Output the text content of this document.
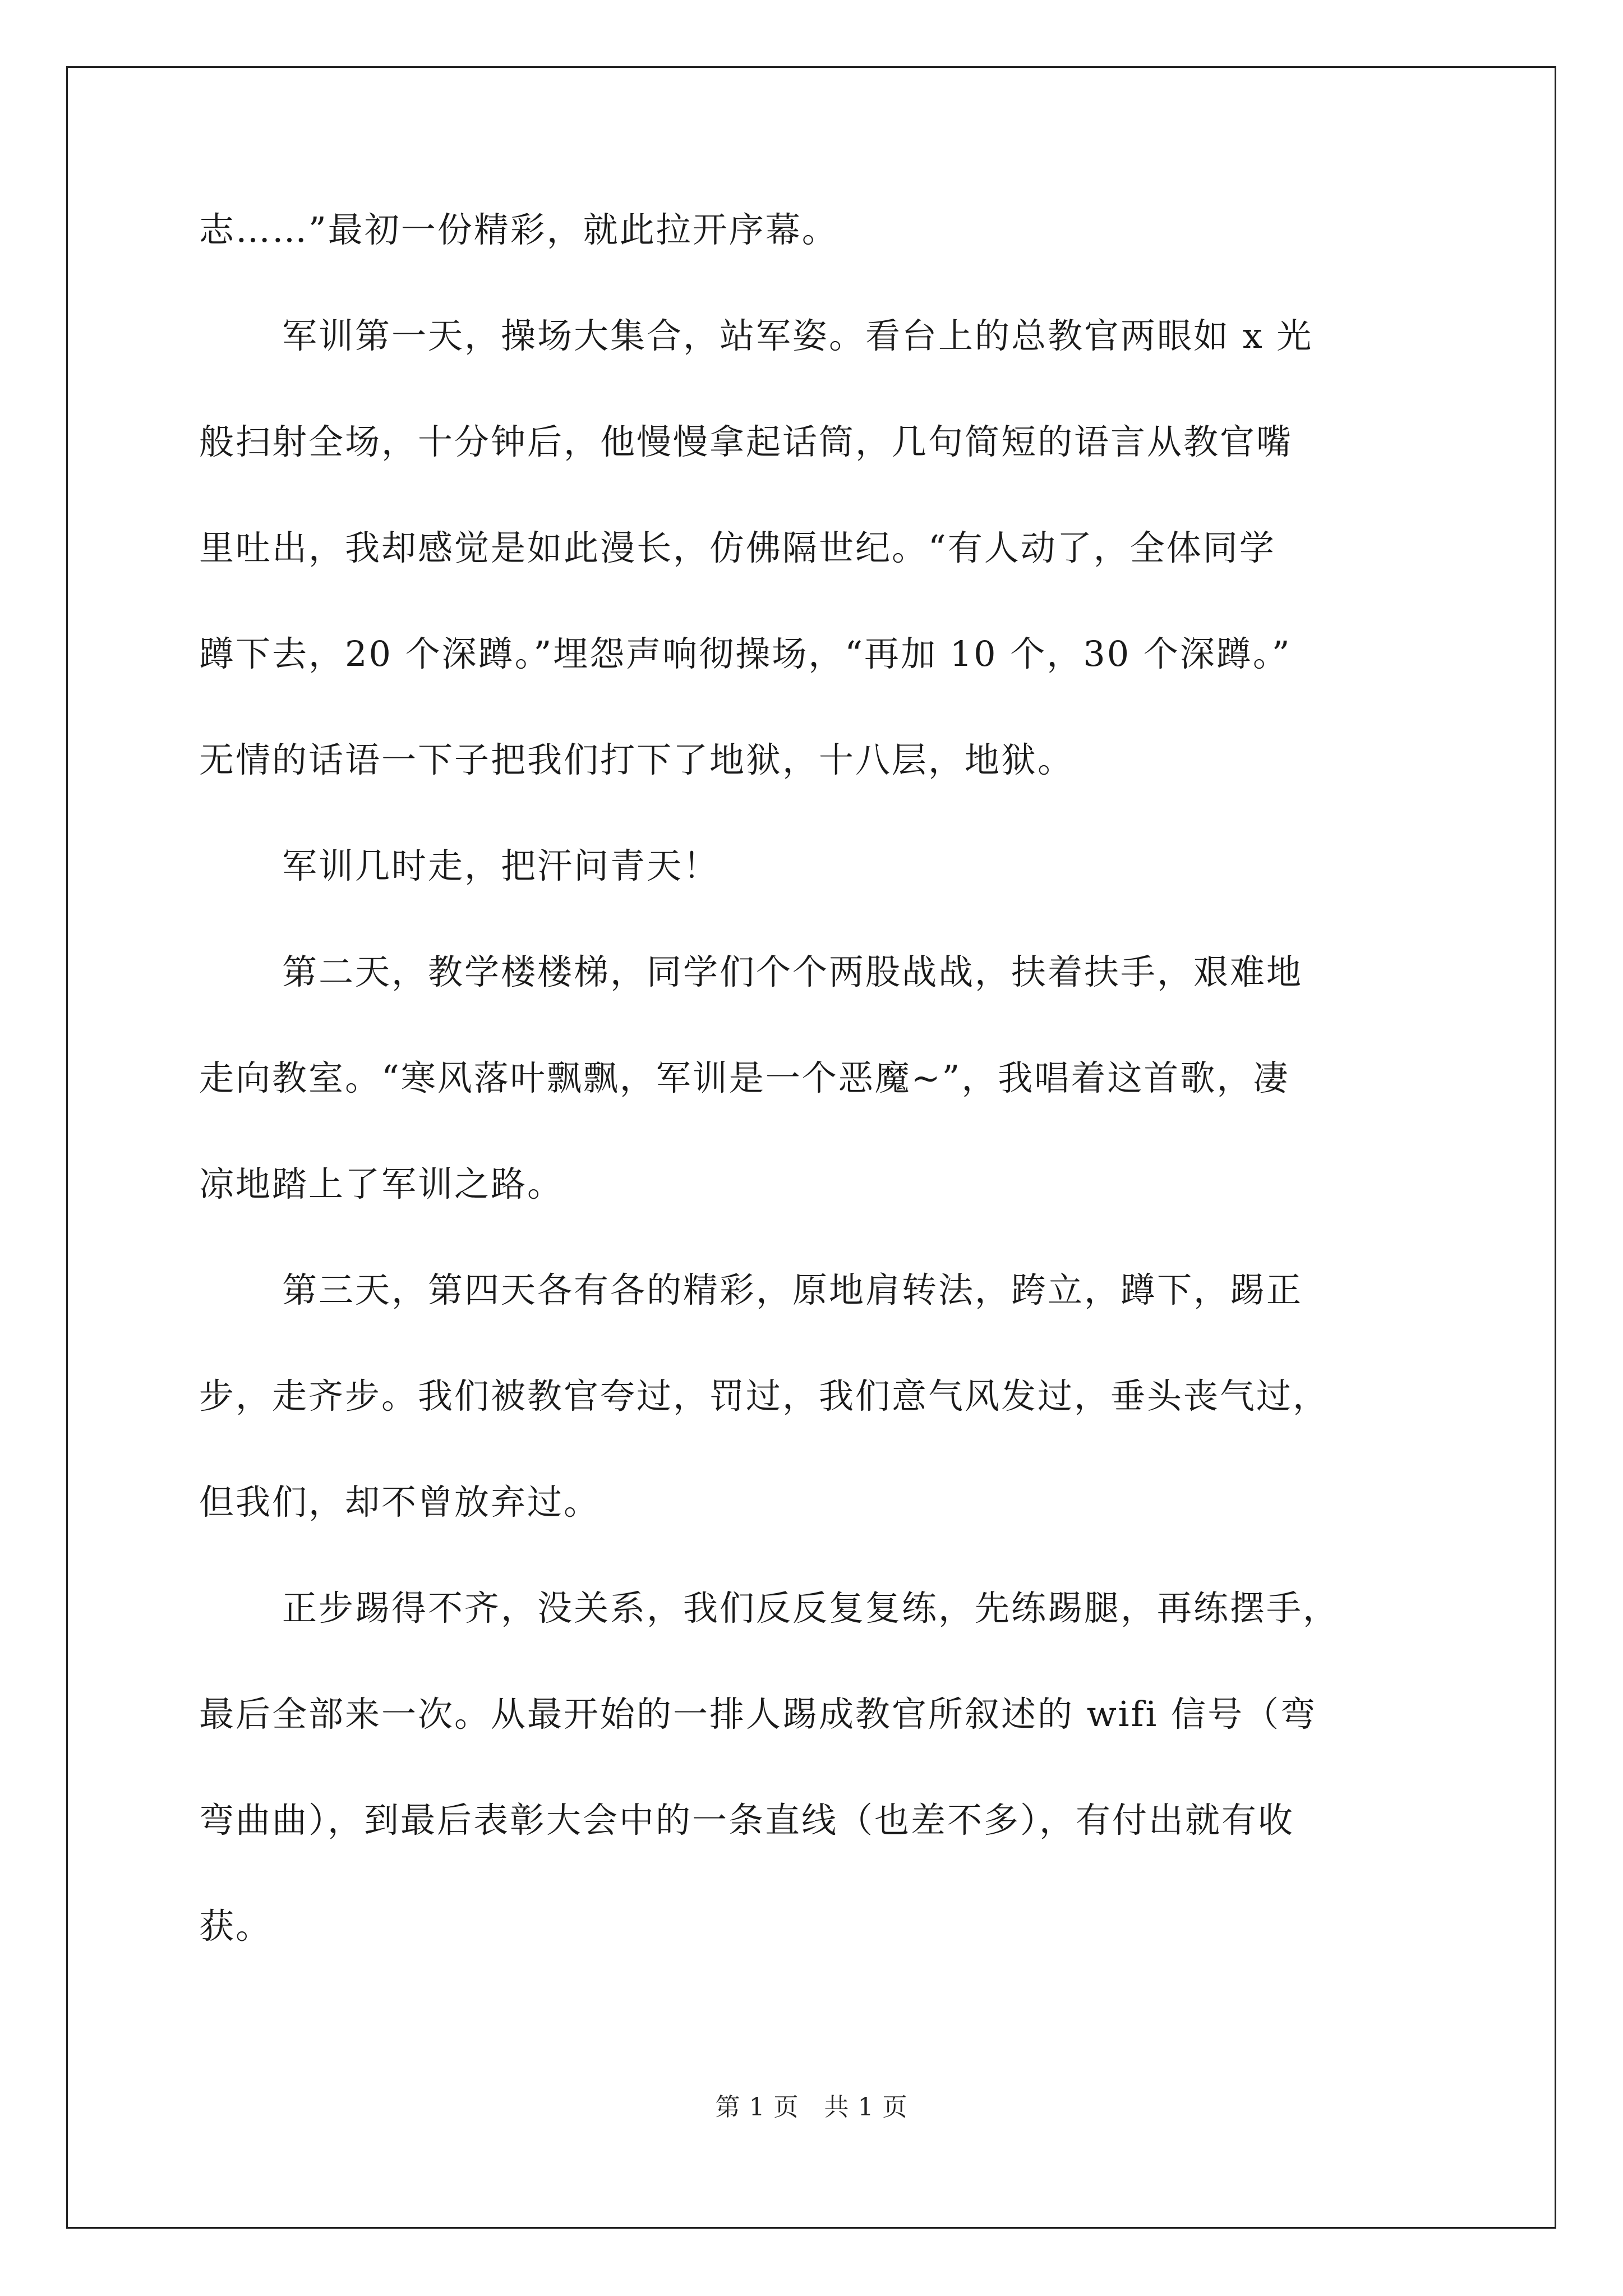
志……”最初一份精彩，就此拉开序幕。
军训第一天，操场大集合，站军姿。看台上的总教官两眼如 x 光
般扫射全场，十分钟后，他慢慢拿起话筒，几句简短的语言从教官嘴
里吐出，我却感觉是如此漫长，仿佛隔世纪。“有人动了，全体同学
蹲下去，20 个深蹲。”埋怨声响彻操场，“再加 10 个，30 个深蹲。”
无情的话语一下子把我们打下了地狱，十八层，地狱。
军训几时走，把汗问青天！
第二天，教学楼楼梯，同学们个个两股战战，扶着扶手，艰难地
走向教室。“寒风落叶飘飘，军训是一个恶魔~”，我唱着这首歌，凄
凉地踏上了军训之路。
第三天，第四天各有各的精彩，原地肩转法，跨立，蹲下，踢正
步，走齐步。我们被教官夸过，罚过，我们意气风发过，垂头丧气过，
但我们，却不曾放弃过。
正步踢得不齐，没关系，我们反反复复练，先练踢腿，再练摆手，
最后全部来一次。从最开始的一排人踢成教官所叙述的 wifi 信号（弯
弯曲曲），到最后表彰大会中的一条直线（也差不多），有付出就有收
获。
第 1 页 共 1 页
